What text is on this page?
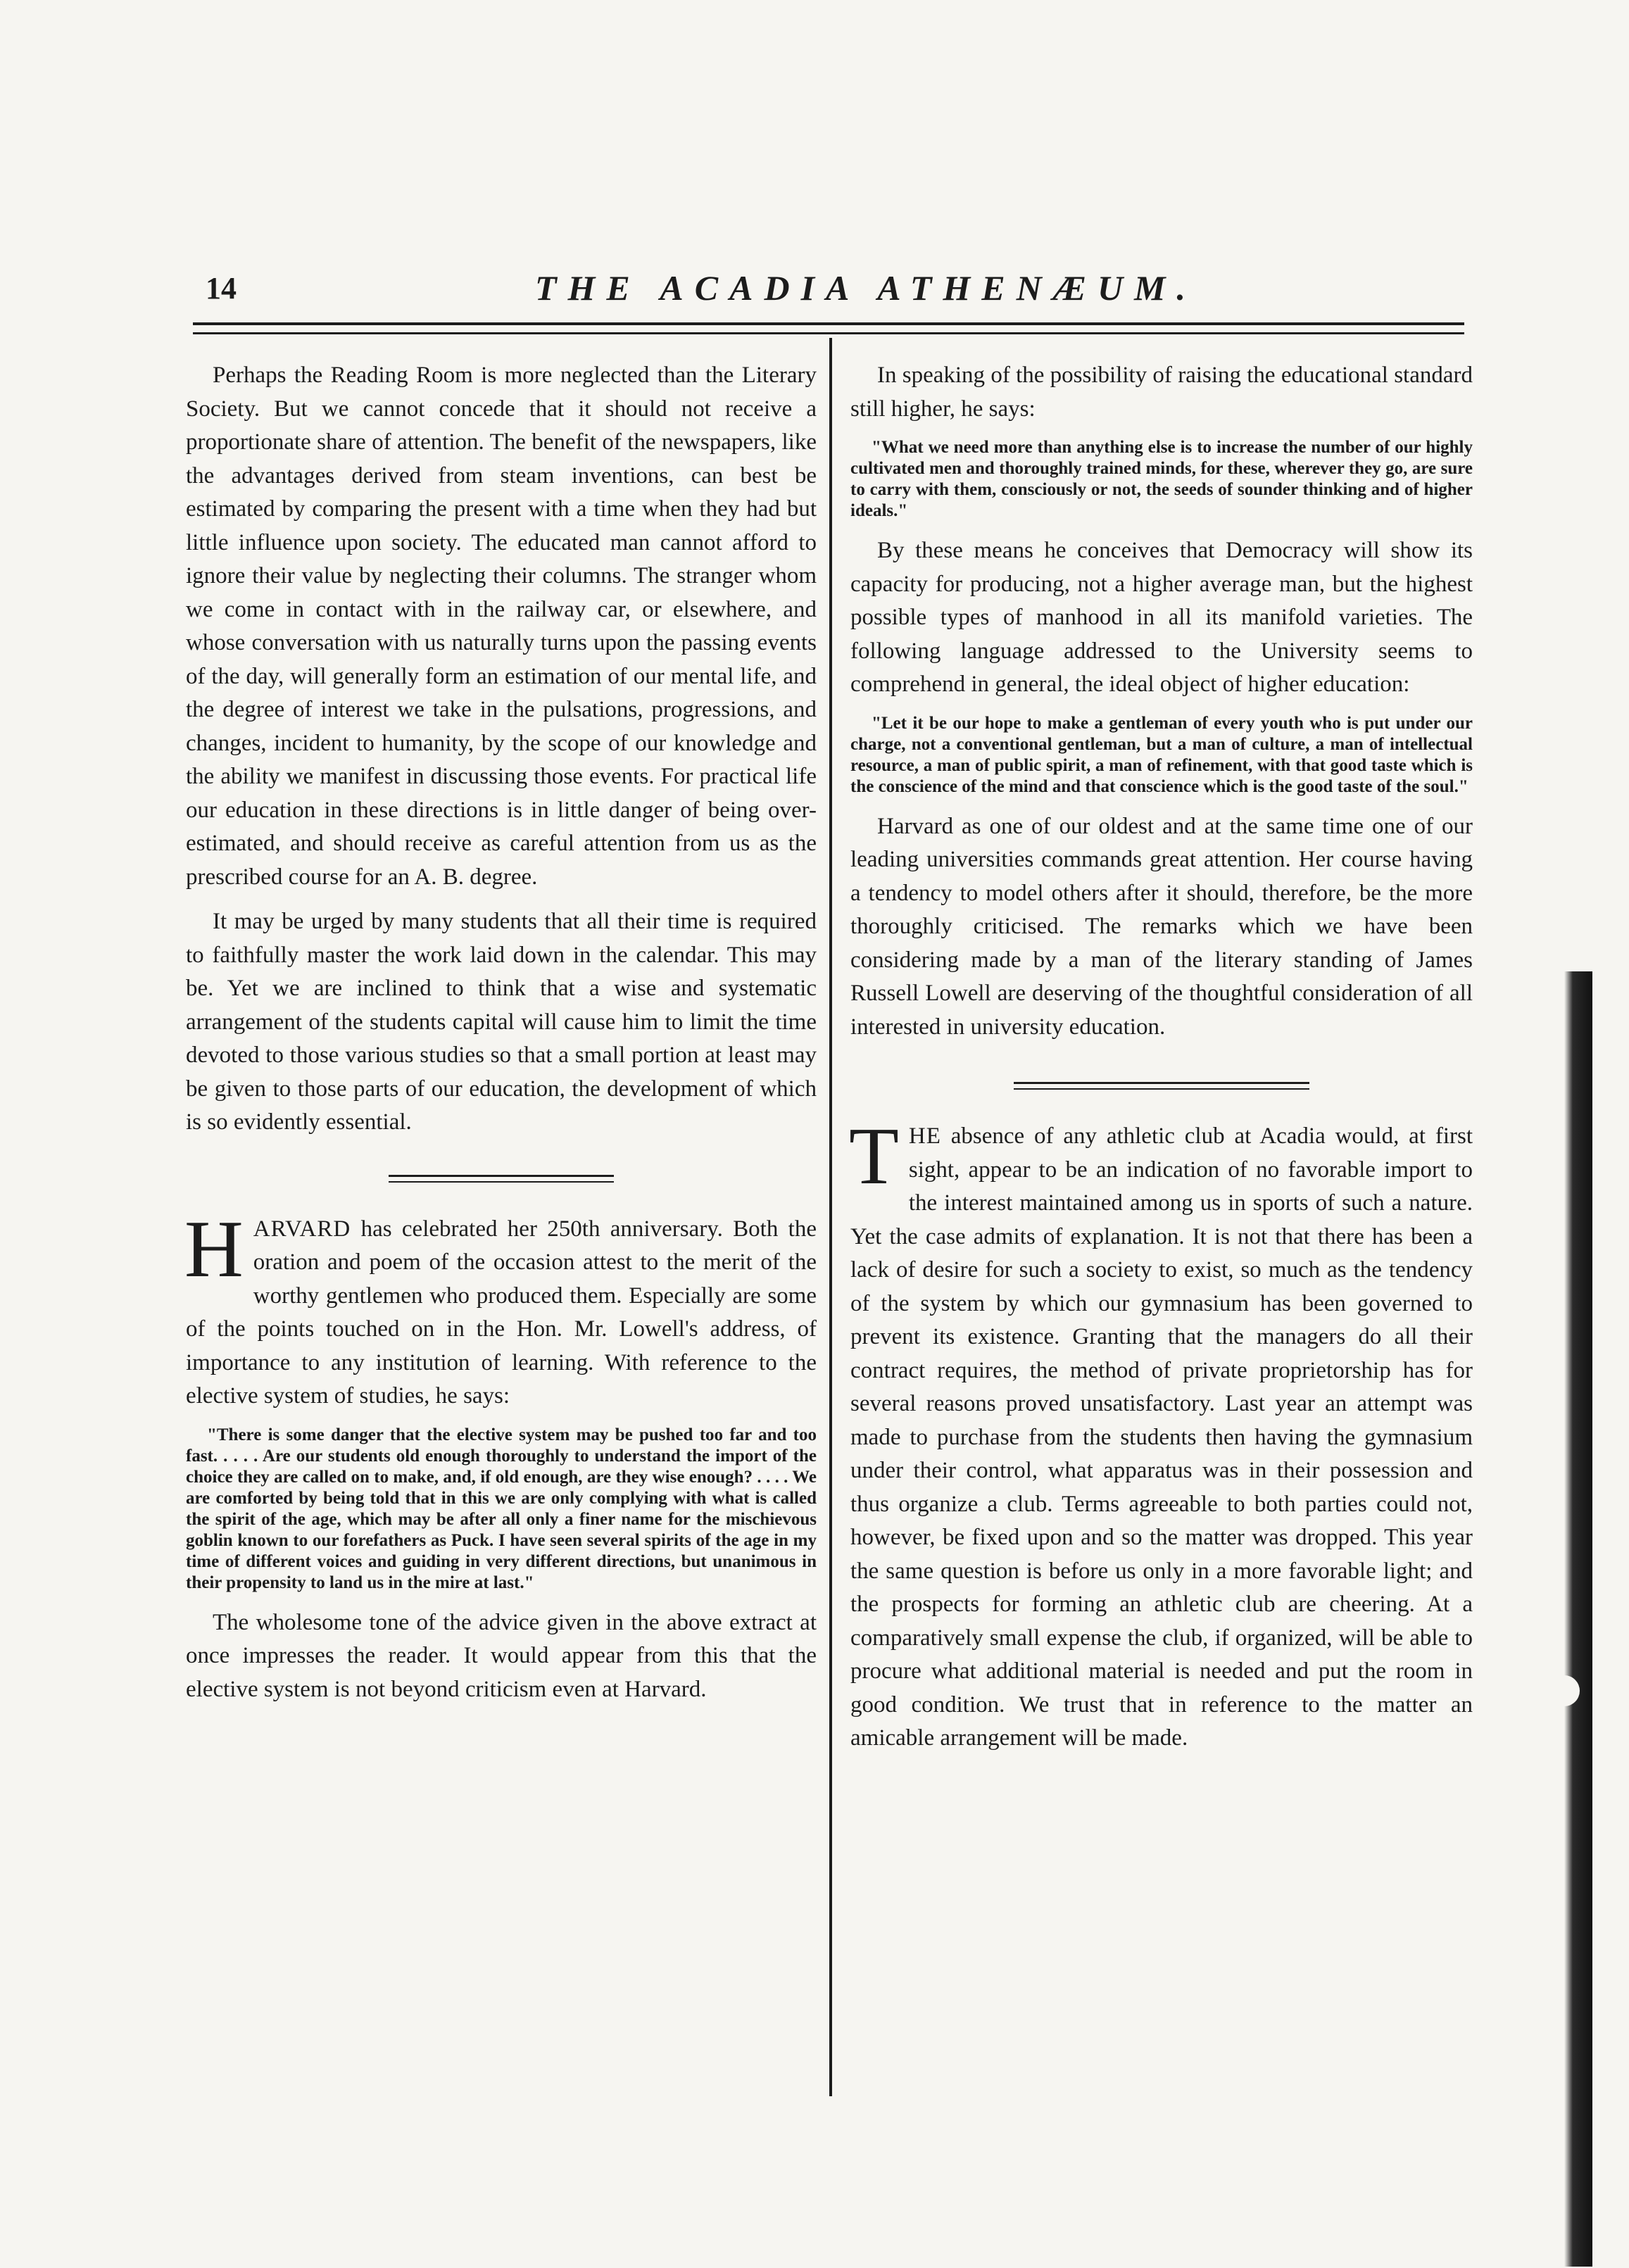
14	THE ACADIA ATHENÆUM.

Perhaps the Reading Room is more neglected than the Literary Society. But we cannot concede that it should not receive a proportionate share of attention. The benefit of the newspapers, like the advantages derived from steam inventions, can best be estimated by comparing the present with a time when they had but little influence upon society. The educated man cannot afford to ignore their value by neglecting their columns. The stranger whom we come in contact with in the railway car, or elsewhere, and whose conversation with us naturally turns upon the passing events of the day, will generally form an estimation of our mental life, and the degree of interest we take in the pulsations, progressions, and changes, incident to humanity, by the scope of our knowledge and the ability we manifest in discussing those events. For practical life our education in these directions is in little danger of being over-estimated, and should receive as careful attention from us as the prescribed course for an A. B. degree.

It may be urged by many students that all their time is required to faithfully master the work laid down in the calendar. This may be. Yet we are inclined to think that a wise and systematic arrangement of the students capital will cause him to limit the time devoted to those various studies so that a small portion at least may be given to those parts of our education, the development of which is so evidently essential.

HARVARD has celebrated her 250th anniversary. Both the oration and poem of the occasion attest to the merit of the worthy gentlemen who produced them. Especially are some of the points touched on in the Hon. Mr. Lowell's address, of importance to any institution of learning. With reference to the elective system of studies, he says:

"There is some danger that the elective system may be pushed too far and too fast. . . . . Are our students old enough thoroughly to understand the import of the choice they are called on to make, and, if old enough, are they wise enough? . . . . We are comforted by being told that in this we are only complying with what is called the spirit of the age, which may be after all only a finer name for the mischievous goblin known to our forefathers as Puck. I have seen several spirits of the age in my time of different voices and guiding in very different directions, but unanimous in their propensity to land us in the mire at last."

The wholesome tone of the advice given in the above extract at once impresses the reader. It would appear from this that the elective system is not beyond criticism even at Harvard.

In speaking of the possibility of raising the educational standard still higher, he says:

"What we need more than anything else is to increase the number of our highly cultivated men and thoroughly trained minds, for these, wherever they go, are sure to carry with them, consciously or not, the seeds of sounder thinking and of higher ideals."

By these means he conceives that Democracy will show its capacity for producing, not a higher average man, but the highest possible types of manhood in all its manifold varieties. The following language addressed to the University seems to comprehend in general, the ideal object of higher education:

"Let it be our hope to make a gentleman of every youth who is put under our charge, not a conventional gentleman, but a man of culture, a man of intellectual resource, a man of public spirit, a man of refinement, with that good taste which is the conscience of the mind and that conscience which is the good taste of the soul."

Harvard as one of our oldest and at the same time one of our leading universities commands great attention. Her course having a tendency to model others after it should, therefore, be the more thoroughly criticised. The remarks which we have been considering made by a man of the literary standing of James Russell Lowell are deserving of the thoughtful consideration of all interested in university education.

THE absence of any athletic club at Acadia would, at first sight, appear to be an indication of no favorable import to the interest maintained among us in sports of such a nature. Yet the case admits of explanation. It is not that there has been a lack of desire for such a society to exist, so much as the tendency of the system by which our gymnasium has been governed to prevent its existence. Granting that the managers do all their contract requires, the method of private proprietorship has for several reasons proved unsatisfactory. Last year an attempt was made to purchase from the students then having the gymnasium under their control, what apparatus was in their possession and thus organize a club. Terms agreeable to both parties could not, however, be fixed upon and so the matter was dropped. This year the same question is before us only in a more favorable light; and the prospects for forming an athletic club are cheering. At a comparatively small expense the club, if organized, will be able to procure what additional material is needed and put the room in good condition. We trust that in reference to the matter an amicable arrangement will be made.
